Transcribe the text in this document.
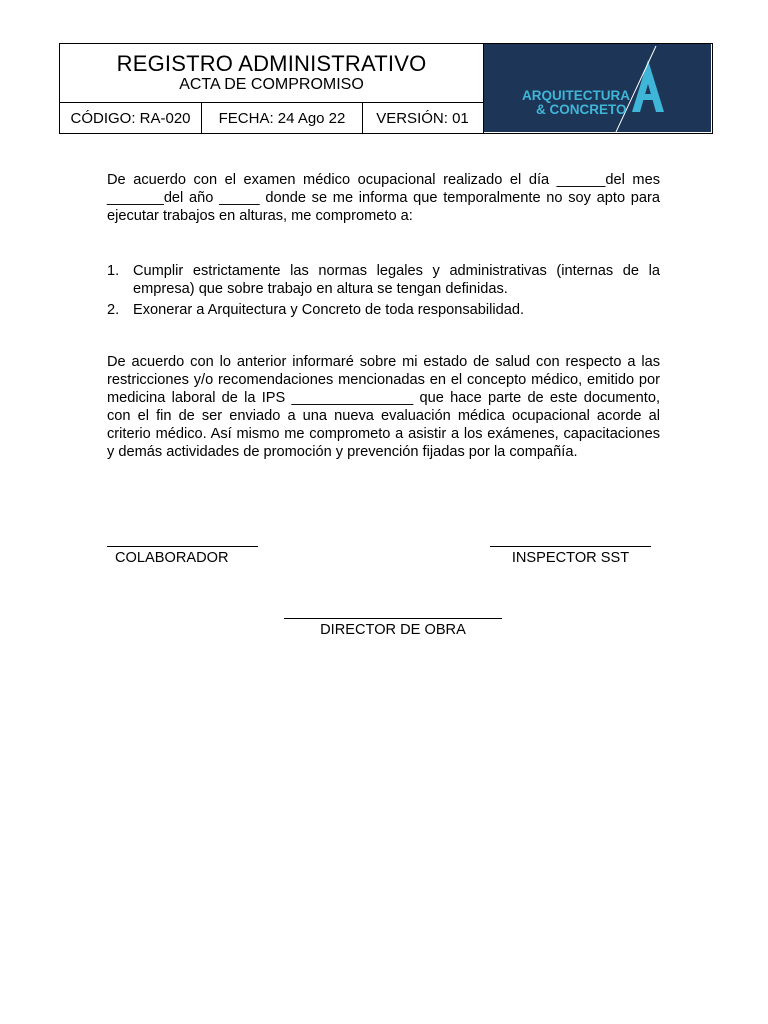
REGISTRO ADMINISTRATIVO
ACTA DE COMPROMISO
CÓDIGO: RA-020	FECHA: 24 Ago 22	VERSIÓN: 01
ARQUITECTURA
& CONCRETO
De acuerdo con el examen médico ocupacional realizado el día ______del mes _______del año _____ donde se me informa que temporalmente no soy apto para ejecutar trabajos en alturas, me comprometo a:
1. Cumplir estrictamente las normas legales y administrativas (internas de la empresa) que sobre trabajo en altura se tengan definidas.
2. Exonerar a Arquitectura y Concreto de toda responsabilidad.
De acuerdo con lo anterior informaré sobre mi estado de salud con respecto a las restricciones y/o recomendaciones mencionadas en el concepto médico, emitido por medicina laboral de la IPS _______________ que hace parte de este documento, con el fin de ser enviado a una nueva evaluación médica ocupacional acorde al criterio médico. Así mismo me comprometo a asistir a los exámenes, capacitaciones y demás actividades de promoción y prevención fijadas por la compañía.
COLABORADOR	INSPECTOR SST
DIRECTOR DE OBRA
